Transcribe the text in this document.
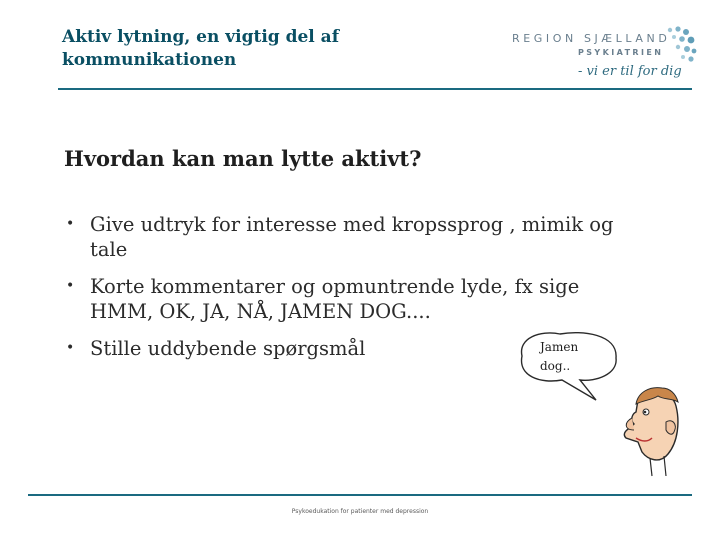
Aktiv lytning, en vigtig del af
kommunikationen
REGION SJÆLLAND
PSYKIATRIEN
- vi er til for dig
Hvordan kan man lytte aktivt?
• Give udtryk for interesse med kropssprog , mimik og
tale
• Korte kommentarer og opmuntrende lyde, fx sige
HMM, OK, JA, NÅ, JAMEN DOG....
• Stille uddybende spørgsmål	Jamen
dog..
Psykoedukation for patienter med depression
